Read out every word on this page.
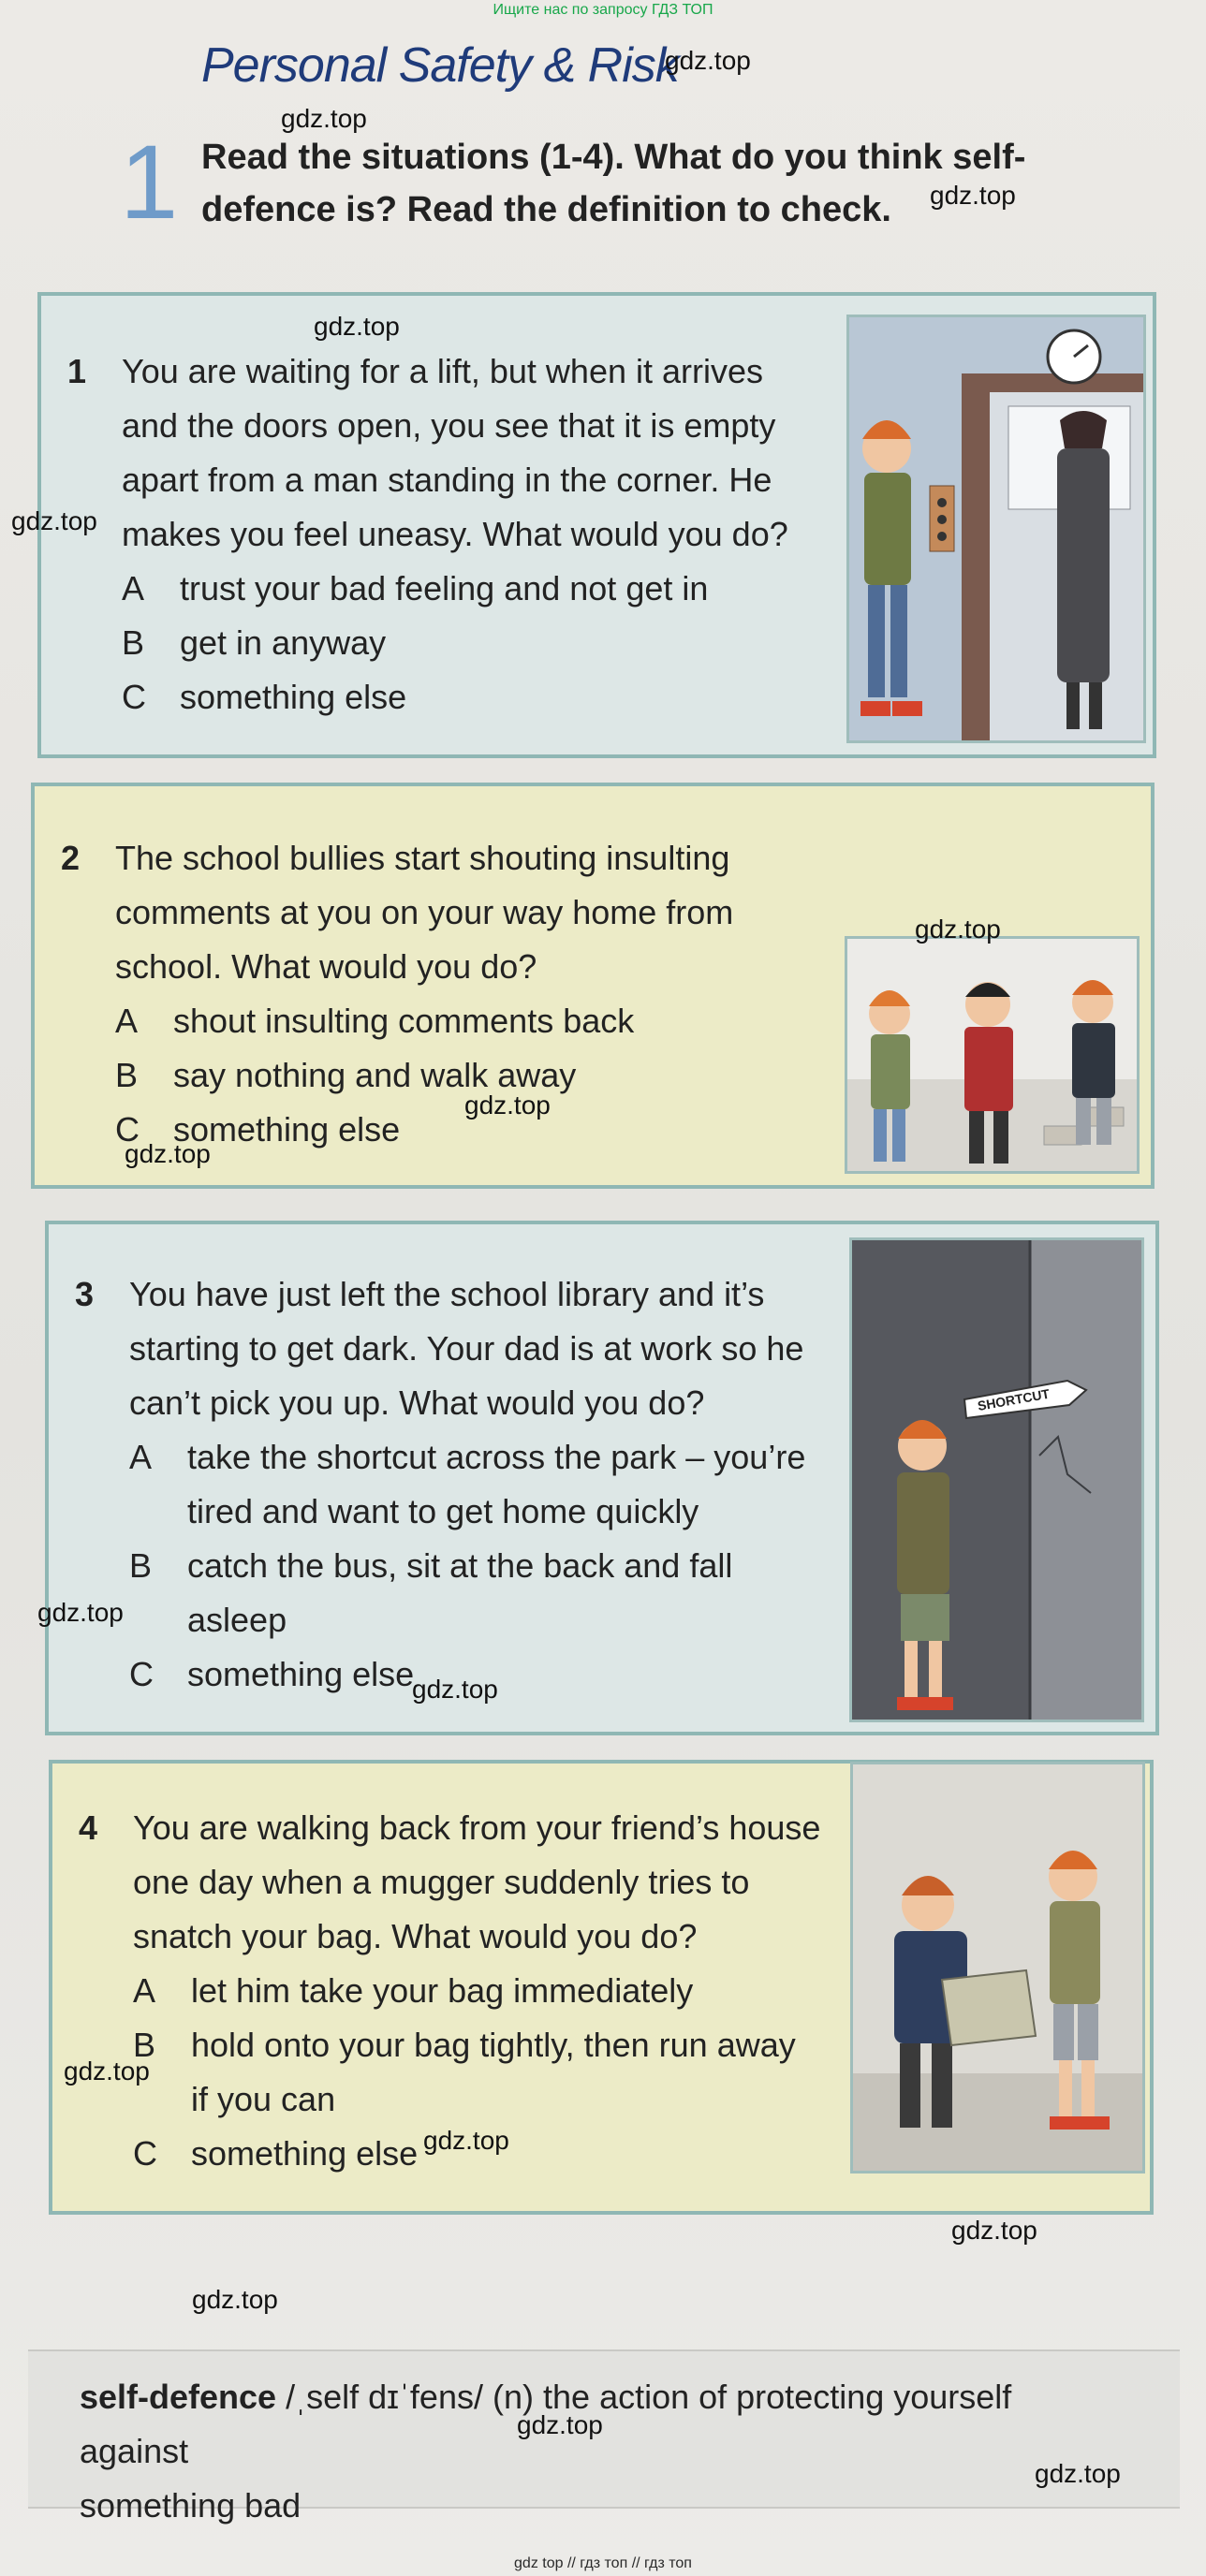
Ищите нас по запросу ГДЗ ТОП
Personal Safety & Risk
1 Read the situations (1-4). What do you think self-defence is? Read the definition to check.
1	You are waiting for a lift, but when it arrives
and the doors open, you see that it is empty
apart from a man standing in the corner. He
makes you feel uneasy. What would you do?
A	trust your bad feeling and not get in
B	get in anyway
C	something else
2	The school bullies start shouting insulting
comments at you on your way home from
school. What would you do?
A	shout insulting comments back
B	say nothing and walk away
C	something else
3	You have just left the school library and it’s
starting to get dark. Your dad is at work so he
can’t pick you up. What would you do?
A	take the shortcut across the park – you’re
tired and want to get home quickly
B	catch the bus, sit at the back and fall
asleep
C	something else
SHORTCUT
4	You are walking back from your friend’s house
one day when a mugger suddenly tries to
snatch your bag. What would you do?
A	let him take your bag immediately
B	hold onto your bag tightly, then run away
if you can
C	something else
self-defence /ˌself dɪˈfens/ (n) the action of protecting yourself against
something bad
gdz.top
gdz.top
gdz.top
gdz.top
gdz.top
gdz.top
gdz.top
gdz.top
gdz.top
gdz.top
gdz.top
gdz.top
gdz.top
gdz.top
gdz.top
gdz.top
gdz top // гдз топ // гдз топ
